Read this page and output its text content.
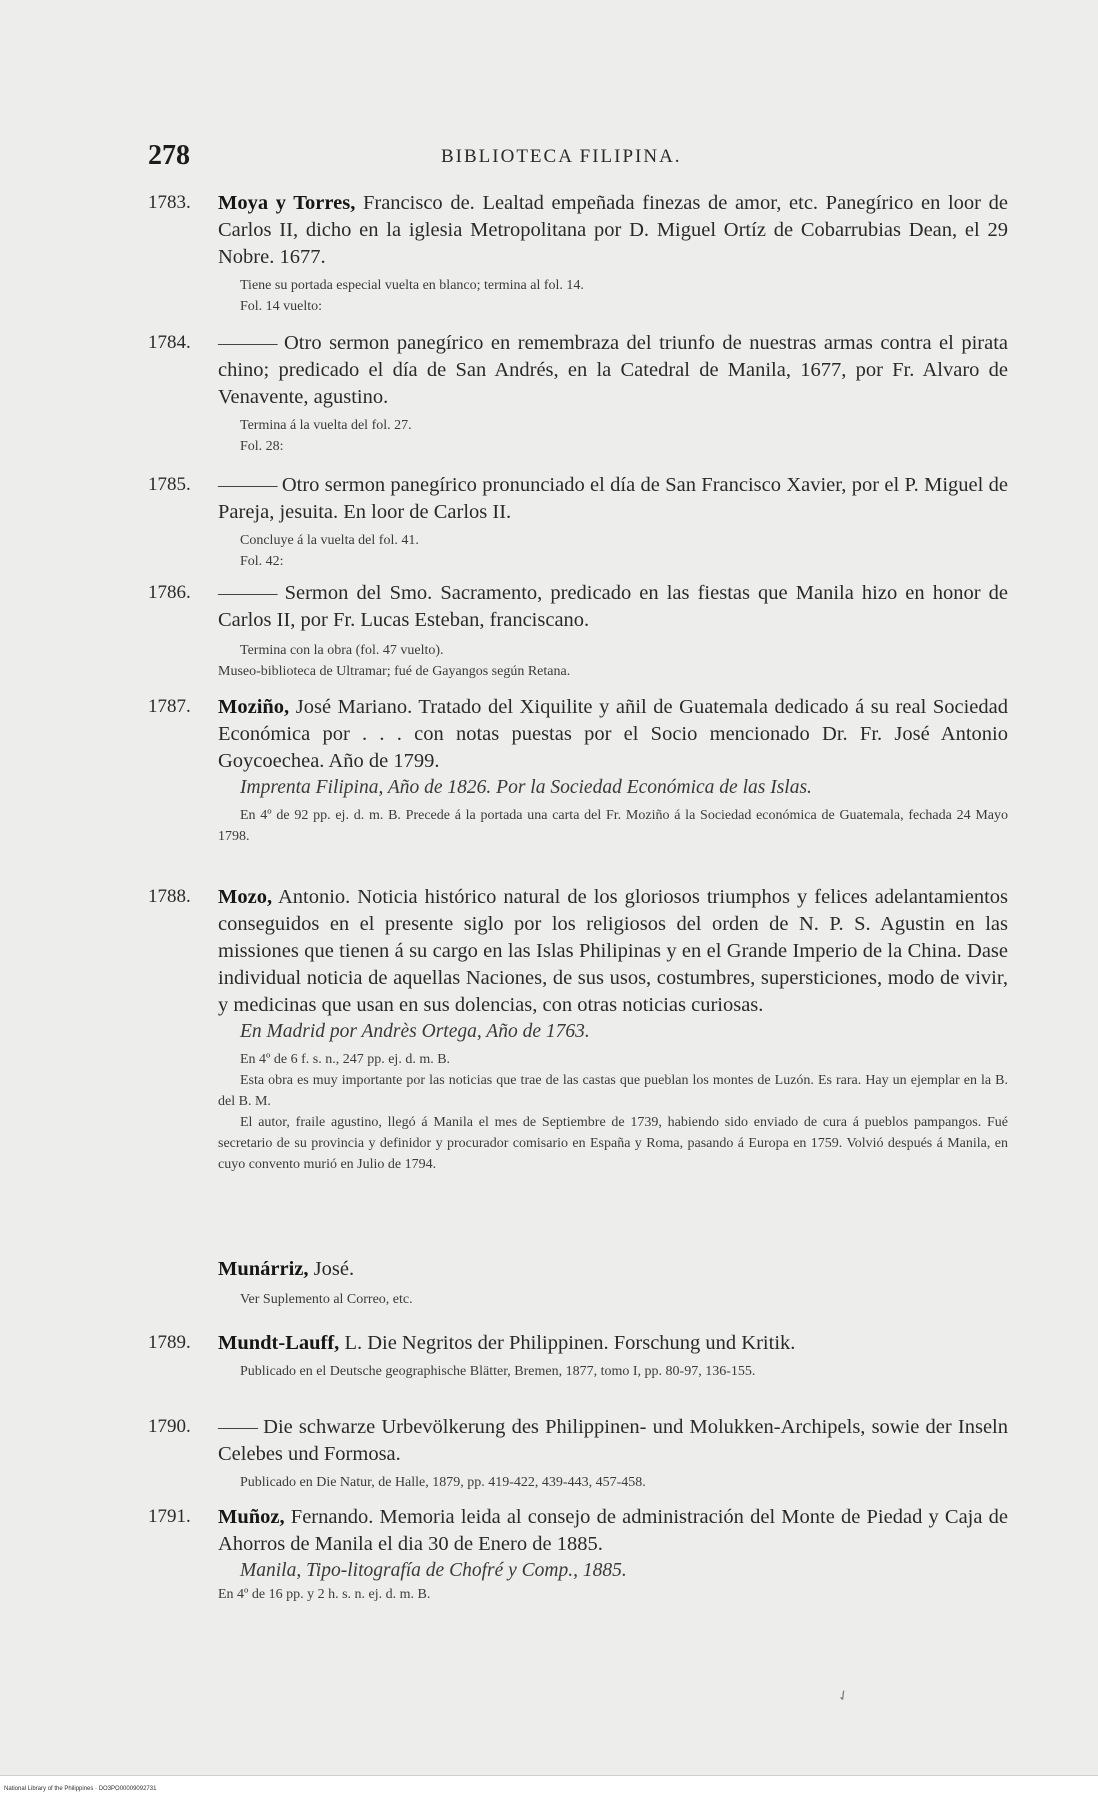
278	BIBLIOTECA FILIPINA.
1783.	Moya y Torres, Francisco de. Lealtad empeñada finezas de amor, etc. Panegírico en loor de Carlos II, dicho en la iglesia Metropolitana por D. Miguel Ortíz de Cobarrubias Dean, el 29 Nobre. 1677.
Tiene su portada especial vuelta en blanco; termina al fol. 14.
Fol. 14 vuelto:
1784.	——— Otro sermon panegírico en remembraza del triunfo de nuestras armas contra el pirata chino; predicado el día de San Andrés, en la Catedral de Manila, 1677, por Fr. Alvaro de Venavente, agustino.
Termina á la vuelta del fol. 27.
Fol. 28:
1785.	——— Otro sermon panegírico pronunciado el día de San Francisco Xavier, por el P. Miguel de Pareja, jesuita. En loor de Carlos II.
Concluye á la vuelta del fol. 41.
Fol. 42:
1786.	——— Sermon del Smo. Sacramento, predicado en las fiestas que Manila hizo en honor de Carlos II, por Fr. Lucas Esteban, franciscano.
Termina con la obra (fol. 47 vuelto).
Museo-biblioteca de Ultramar; fué de Gayangos según Retana.
1787.	Moziño, José Mariano. Tratado del Xiquilite y añil de Guatemala dedicado á su real Sociedad Económica por . . . con notas puestas por el Socio mencionado Dr. Fr. José Antonio Goycoechea. Año de 1799.
Imprenta Filipina, Año de 1826. Por la Sociedad Económica de las Islas.
En 4º de 92 pp. ej. d. m. B. Precede á la portada una carta del Fr. Moziño á la Sociedad económica de Guatemala, fechada 24 Mayo 1798.
1788.	Mozo, Antonio. Noticia histórico natural de los gloriosos triumphos y felices adelantamientos conseguidos en el presente siglo por los religiosos del orden de N. P. S. Agustin en las missiones que tienen á su cargo en las Islas Philipinas y en el Grande Imperio de la China. Dase individual noticia de aquellas Naciones, de sus usos, costumbres, supersticiones, modo de vivir, y medicinas que usan en sus dolencias, con otras noticias curiosas.
En Madrid por Andrès Ortega, Año de 1763.
En 4º de 6 f. s. n., 247 pp. ej. d. m. B.
Esta obra es muy importante por las noticias que trae de las castas que pueblan los montes de Luzón. Es rara. Hay un ejemplar en la B. del B. M.
El autor, fraile agustino, llegó á Manila el mes de Septiembre de 1739, habiendo sido enviado de cura á pueblos pampangos. Fué secretario de su provincia y definidor y procurador comisario en España y Roma, pasando á Europa en 1759. Volvió después á Manila, en cuyo convento murió en Julio de 1794.
Munárriz, José.
Ver Suplemento al Correo, etc.
1789.	Mundt-Lauff, L. Die Negritos der Philippinen. Forschung und Kritik.
Publicado en el Deutsche geographische Blätter, Bremen, 1877, tomo I, pp. 80-97, 136-155.
1790.	—— Die schwarze Urbevölkerung des Philippinen- und Molukken-Archipels, sowie der Inseln Celebes und Formosa.
Publicado en Die Natur, de Halle, 1879, pp. 419-422, 439-443, 457-458.
1791.	Muñoz, Fernando. Memoria leida al consejo de administración del Monte de Piedad y Caja de Ahorros de Manila el dia 30 de Enero de 1885.
Manila, Tipo-litografía de Chofré y Comp., 1885.
En 4º de 16 pp. y 2 h. s. n. ej. d. m. B.
✓
National Library of the Philippines · DO3PO00009092731
